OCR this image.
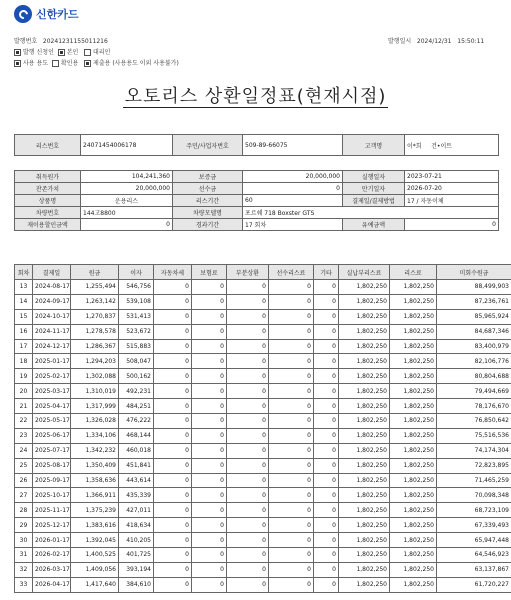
신한카드
발행번호 20241231155011216	발행일시 2024/12/31 15:50:11
발행 신청인 본인 대리인
사용 용도 확인용 제출용 (사용용도 이외 사용불가)
오토리스 상환일정표(현재시점)
리스번호	24071454006178	주민/사업자번호	509-89-66075	고객명	이*희 건•이트
취득원가	104,241,360	보증금	20,000,000	실행일자	2023-07-21
잔존가치	20,000,000	선수금	0	만기일자	2026-07-20
상품명	운용리스	리스기간	60	결제일/결제방법	17 / 자동이체
차량번호	144고8800	차량모델명	포르쉐 718 Boxster GTS		
재이용할인금액	0	경과기간	17 회차	유예금액	0
회차	결제일	원금	이자	자동차세	보험료	부분상환	선수리스료	기타	실납부리스료	리스료	미회수원금
13	2024-08-17	1,255,494	546,756	0	0	0	0	0	1,802,250	1,802,250	88,499,903
14	2024-09-17	1,263,142	539,108	0	0	0	0	0	1,802,250	1,802,250	87,236,761
15	2024-10-17	1,270,837	531,413	0	0	0	0	0	1,802,250	1,802,250	85,965,924
16	2024-11-17	1,278,578	523,672	0	0	0	0	0	1,802,250	1,802,250	84,687,346
17	2024-12-17	1,286,367	515,883	0	0	0	0	0	1,802,250	1,802,250	83,400,979
18	2025-01-17	1,294,203	508,047	0	0	0	0	0	1,802,250	1,802,250	82,106,776
19	2025-02-17	1,302,088	500,162	0	0	0	0	0	1,802,250	1,802,250	80,804,688
20	2025-03-17	1,310,019	492,231	0	0	0	0	0	1,802,250	1,802,250	79,494,669
21	2025-04-17	1,317,999	484,251	0	0	0	0	0	1,802,250	1,802,250	78,176,670
22	2025-05-17	1,326,028	476,222	0	0	0	0	0	1,802,250	1,802,250	76,850,642
23	2025-06-17	1,334,106	468,144	0	0	0	0	0	1,802,250	1,802,250	75,516,536
24	2025-07-17	1,342,232	460,018	0	0	0	0	0	1,802,250	1,802,250	74,174,304
25	2025-08-17	1,350,409	451,841	0	0	0	0	0	1,802,250	1,802,250	72,823,895
26	2025-09-17	1,358,636	443,614	0	0	0	0	0	1,802,250	1,802,250	71,465,259
27	2025-10-17	1,366,911	435,339	0	0	0	0	0	1,802,250	1,802,250	70,098,348
28	2025-11-17	1,375,239	427,011	0	0	0	0	0	1,802,250	1,802,250	68,723,109
29	2025-12-17	1,383,616	418,634	0	0	0	0	0	1,802,250	1,802,250	67,339,493
30	2026-01-17	1,392,045	410,205	0	0	0	0	0	1,802,250	1,802,250	65,947,448
31	2026-02-17	1,400,525	401,725	0	0	0	0	0	1,802,250	1,802,250	64,546,923
32	2026-03-17	1,409,056	393,194	0	0	0	0	0	1,802,250	1,802,250	63,137,867
33	2026-04-17	1,417,640	384,610	0	0	0	0	0	1,802,250	1,802,250	61,720,227
